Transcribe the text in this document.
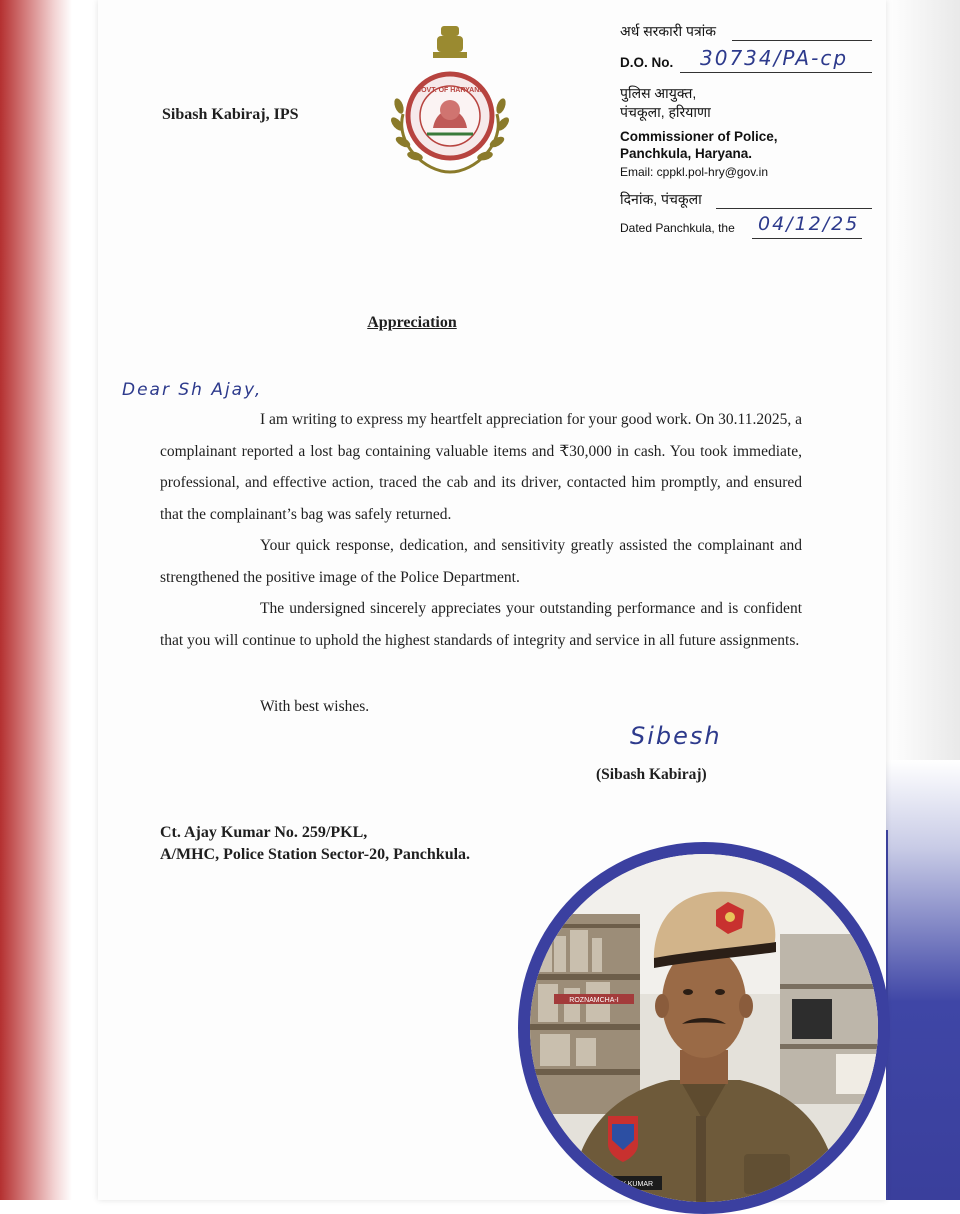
Sibash Kabiraj, IPS
GOVT. OF HARYANA
अर्ध सरकारी पत्रांक
D.O. No. 30734/PA-cp
पुलिस आयुक्त,
पंचकूला, हरियाणा
Commissioner of Police,
Panchkula, Haryana.
Email: cppkl.pol-hry@gov.in
दिनांक, पंचकूला
Dated Panchkula, the 04/12/25
Appreciation
Dear Sh Ajay,

I am writing to express my heartfelt appreciation for your good work. On 30.11.2025, a complainant reported a lost bag containing valuable items and ₹30,000 in cash. You took immediate, professional, and effective action, traced the cab and its driver, contacted him promptly, and ensured that the complainant’s bag was safely returned.

Your quick response, dedication, and sensitivity greatly assisted the complainant and strengthened the positive image of the Police Department.

The undersigned sincerely appreciates your outstanding performance and is confident that you will continue to uphold the highest standards of integrity and service in all future assignments.

With best wishes.
Sibesh
(Sibash Kabiraj)
Ct. Ajay Kumar No. 259/PKL,
A/MHC, Police Station Sector-20, Panchkula.
ROZNAMCHA-I
AJAY KUMAR
